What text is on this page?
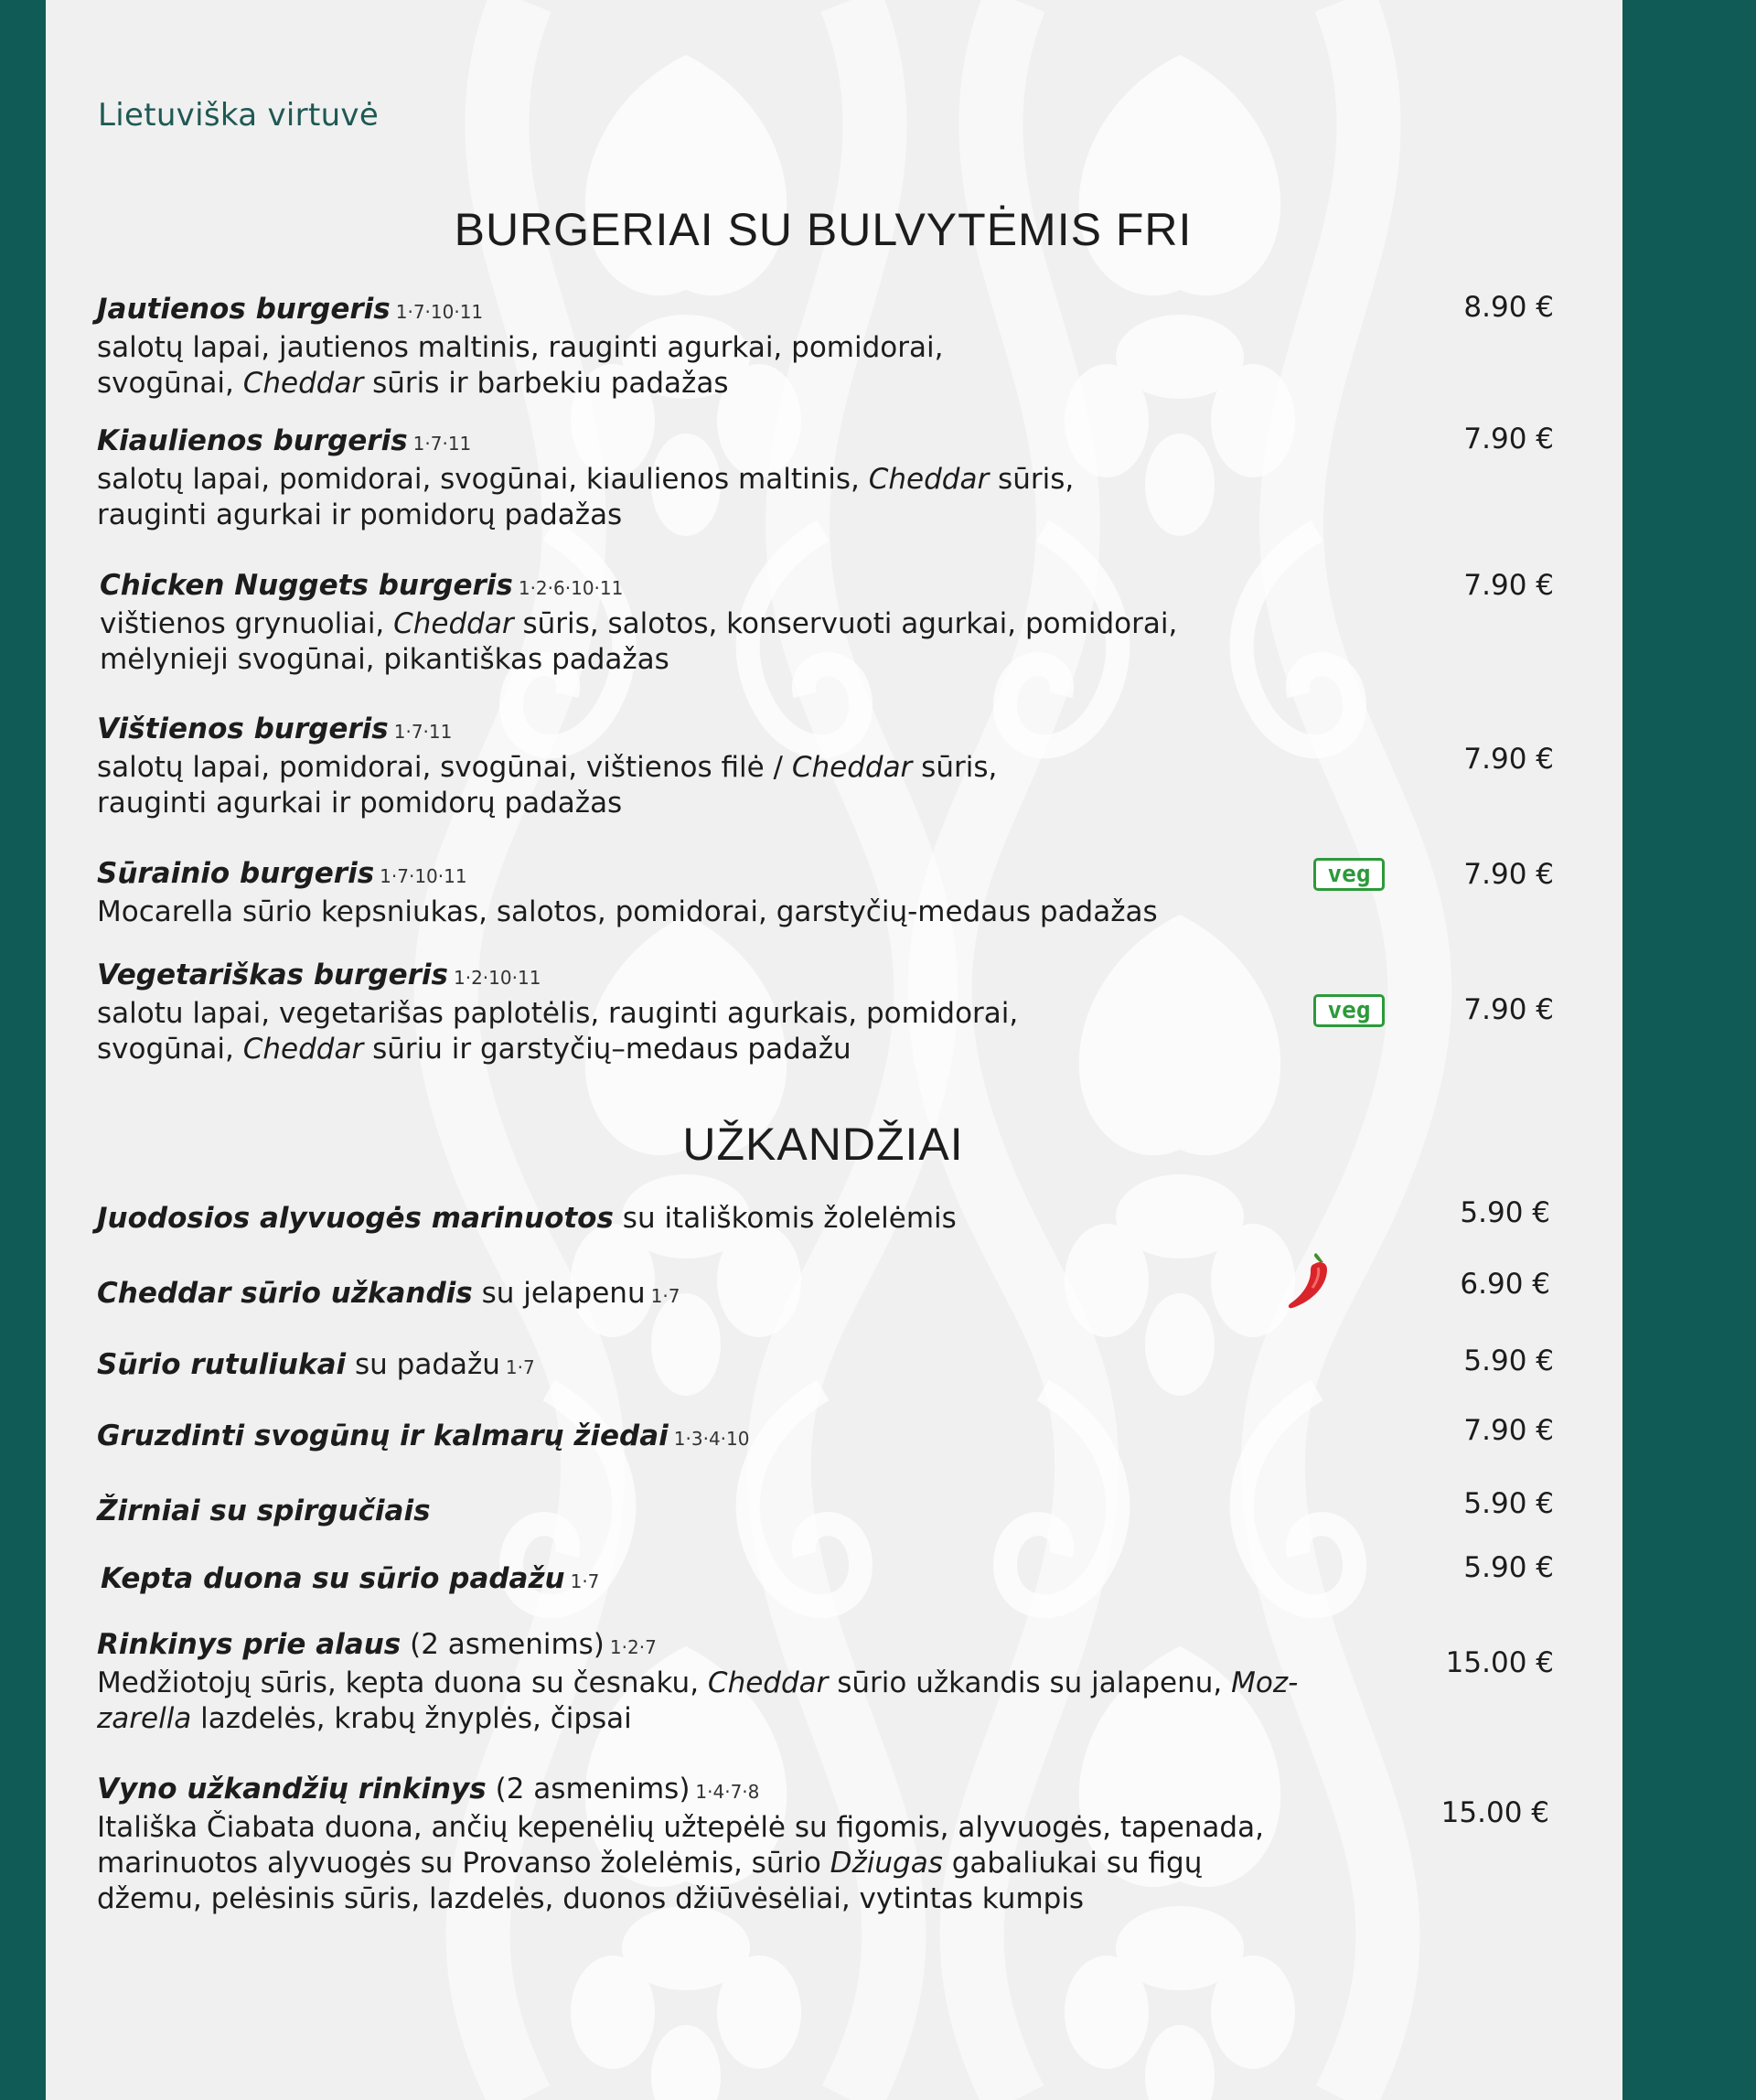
Lietuviška virtuvė
BURGERIAI SU BULVYTĖMIS FRI
Jautienos burgeris 1·7·10·11
salotų lapai, jautienos maltinis, rauginti agurkai, pomidorai,
svogūnai, Cheddar sūris ir barbekiu padažas
8.90 €
Kiaulienos burgeris 1·7·11
salotų lapai, pomidorai, svogūnai, kiaulienos maltinis, Cheddar sūris,
rauginti agurkai ir pomidorų padažas
7.90 €
Chicken Nuggets burgeris 1·2·6·10·11
vištienos grynuoliai, Cheddar sūris, salotos, konservuoti agurkai, pomidorai,
mėlynieji svogūnai, pikantiškas padažas
7.90 €
Vištienos burgeris 1·7·11
salotų lapai, pomidorai, svogūnai, vištienos filė / Cheddar sūris,
rauginti agurkai ir pomidorų padažas
7.90 €
Sūrainio burgeris 1·7·10·11
Mocarella sūrio kepsniukas, salotos, pomidorai, garstyčių-medaus padažas
veg	7.90 €
Vegetariškas burgeris 1·2·10·11
salotu lapai, vegetarišas paplotėlis, rauginti agurkais, pomidorai,
svogūnai, Cheddar sūriu ir garstyčių–medaus padažu
veg	7.90 €
UŽKANDŽIAI
Juodosios alyvuogės marinuotos su itališkomis žolelėmis	5.90 €
Cheddar sūrio užkandis su jelapenu 1·7	6.90 €
Sūrio rutuliukai su padažu 1·7	5.90 €
Gruzdinti svogūnų ir kalmarų žiedai 1·3·4·10	7.90 €
Žirniai su spirgučiais	5.90 €
Kepta duona su sūrio padažu 1·7	5.90 €
Rinkinys prie alaus (2 asmenims) 1·2·7
Medžiotojų sūris, kepta duona su česnaku, Cheddar sūrio užkandis su jalapenu, Moz-
zarella lazdelės, krabų žnyplės, čipsai
15.00 €
Vyno užkandžių rinkinys (2 asmenims) 1·4·7·8
Itališka Čiabata duona, ančių kepenėlių užtepėlė su figomis, alyvuogės, tapenada,
marinuotos alyvuogės su Provanso žolelėmis, sūrio Džiugas gabaliukai su figų
džemu, pelėsinis sūris, lazdelės, duonos džiūvėsėliai, vytintas kumpis
15.00 €
